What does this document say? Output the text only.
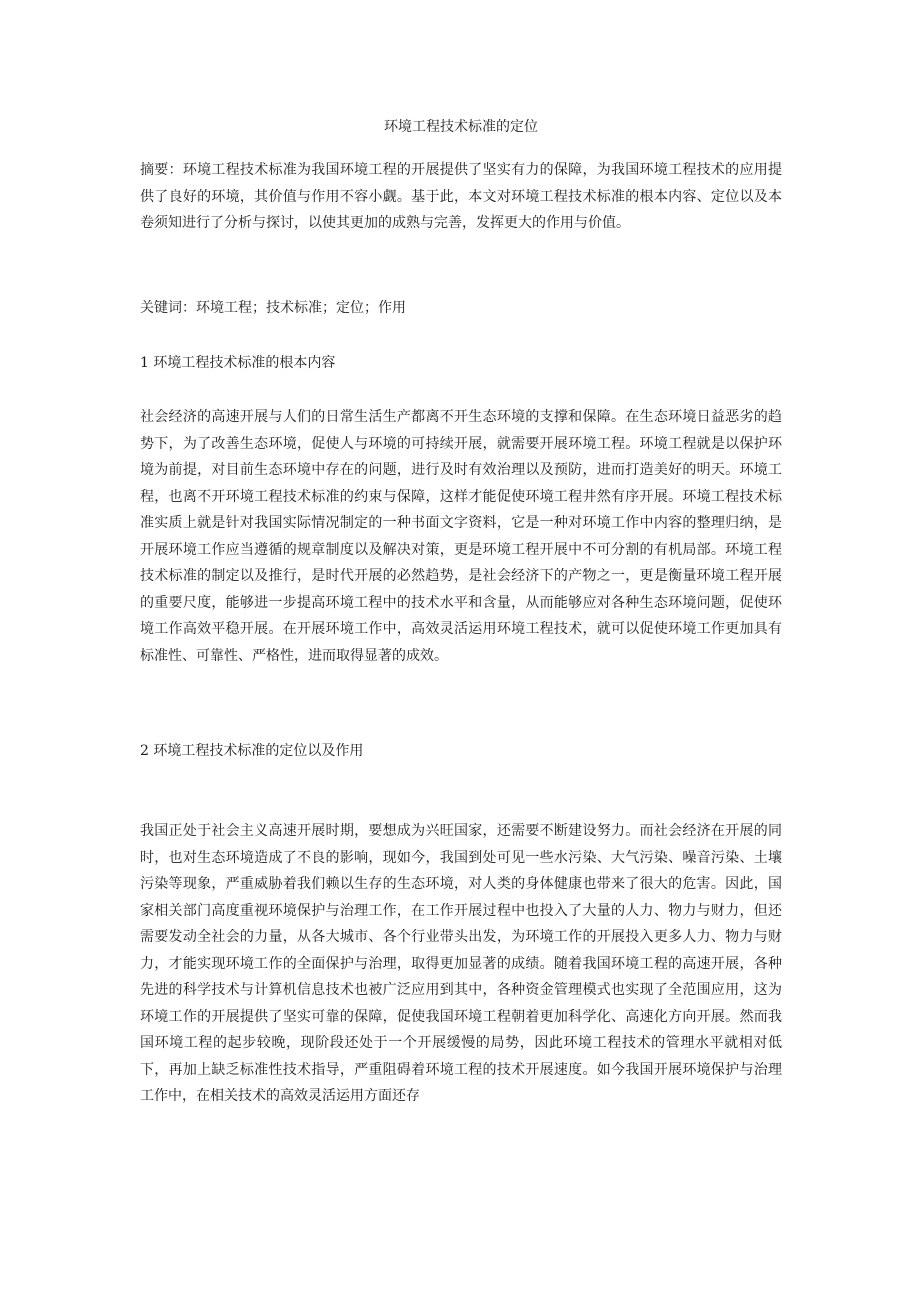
环境工程技术标准的定位

摘要：环境工程技术标准为我国环境工程的开展提供了坚实有力的保障，为我国环境工程技术的应用提供了良好的环境，其价值与作用不容小觑。基于此，本文对环境工程技术标准的根本内容、定位以及本卷须知进行了分析与探讨，以使其更加的成熟与完善，发挥更大的作用与价值。

关键词：环境工程；技术标准；定位；作用

1 环境工程技术标准的根本内容

社会经济的高速开展与人们的日常生活生产都离不开生态环境的支撑和保障。在生态环境日益恶劣的趋势下，为了改善生态环境，促使人与环境的可持续开展，就需要开展环境工程。环境工程就是以保护环境为前提，对目前生态环境中存在的问题，进行及时有效治理以及预防，进而打造美好的明天。环境工程，也离不开环境工程技术标准的约束与保障，这样才能促使环境工程井然有序开展。环境工程技术标准实质上就是针对我国实际情况制定的一种书面文字资料，它是一种对环境工作中内容的整理归纳，是开展环境工作应当遵循的规章制度以及解决对策，更是环境工程开展中不可分割的有机局部。环境工程技术标准的制定以及推行，是时代开展的必然趋势，是社会经济下的产物之一，更是衡量环境工程开展的重要尺度，能够进一步提高环境工程中的技术水平和含量，从而能够应对各种生态环境问题，促使环境工作高效平稳开展。在开展环境工作中，高效灵活运用环境工程技术，就可以促使环境工作更加具有标准性、可靠性、严格性，进而取得显著的成效。

2 环境工程技术标准的定位以及作用

我国正处于社会主义高速开展时期，要想成为兴旺国家，还需要不断建设努力。而社会经济在开展的同时，也对生态环境造成了不良的影响，现如今，我国到处可见一些水污染、大气污染、噪音污染、土壤污染等现象，严重威胁着我们赖以生存的生态环境，对人类的身体健康也带来了很大的危害。因此，国家相关部门高度重视环境保护与治理工作，在工作开展过程中也投入了大量的人力、物力与财力，但还需要发动全社会的力量，从各大城市、各个行业带头出发，为环境工作的开展投入更多人力、物力与财力，才能实现环境工作的全面保护与治理，取得更加显著的成绩。随着我国环境工程的高速开展，各种先进的科学技术与计算机信息技术也被广泛应用到其中，各种资金管理模式也实现了全范围应用，这为环境工作的开展提供了坚实可靠的保障，促使我国环境工程朝着更加科学化、高速化方向开展。然而我国环境工程的起步较晚，现阶段还处于一个开展缓慢的局势，因此环境工程技术的管理水平就相对低下，再加上缺乏标准性技术指导，严重阻碍着环境工程的技术开展速度。如今我国开展环境保护与治理工作中，在相关技术的高效灵活运用方面还存
